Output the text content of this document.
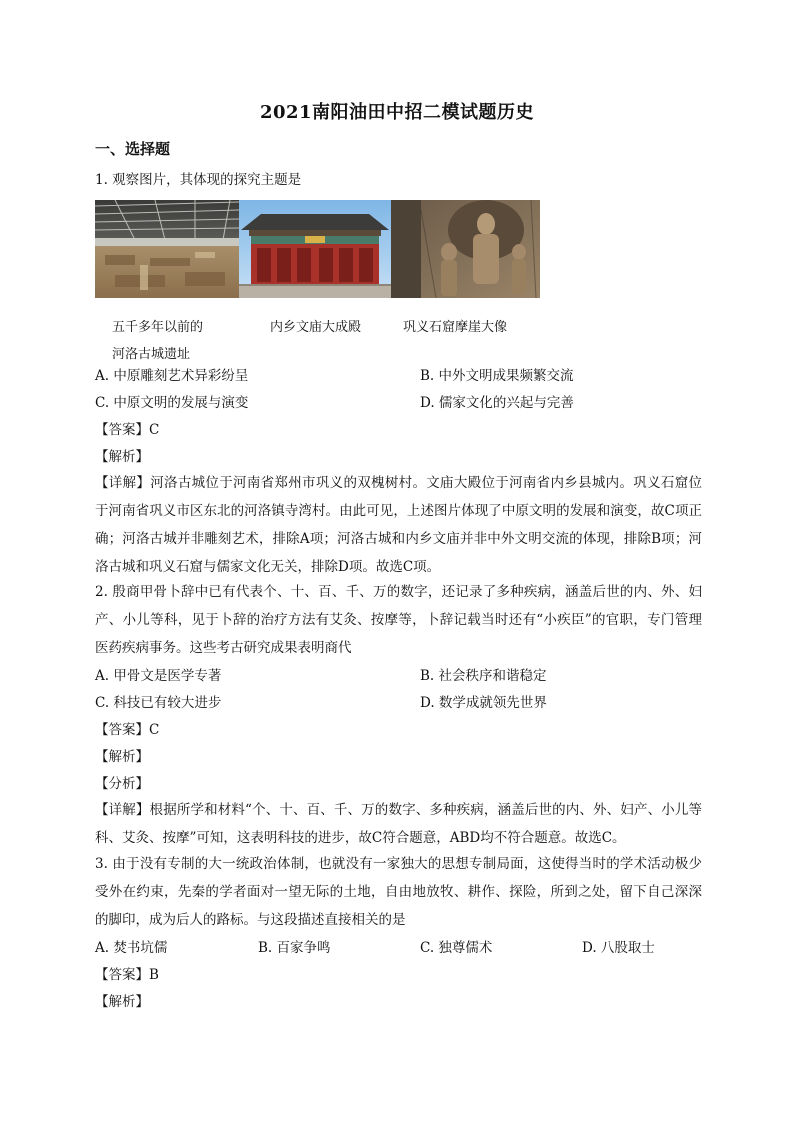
2021南阳油田中招二模试题历史
一、选择题
1. 观察图片，其体现的探究主题是
五千多年以前的
河洛古城遗址
内乡文庙大成殿	巩义石窟摩崖大像
A. 中原雕刻艺术异彩纷呈	B. 中外文明成果频繁交流
C. 中原文明的发展与演变	D. 儒家文化的兴起与完善
【答案】C
【解析】
【详解】河洛古城位于河南省郑州市巩义的双槐树村。文庙大殿位于河南省内乡县城内。巩义石窟位于河南省巩义市区东北的河洛镇寺湾村。由此可见，上述图片体现了中原文明的发展和演变，故C项正确；河洛古城并非雕刻艺术，排除A项；河洛古城和内乡文庙并非中外文明交流的体现，排除B项；河洛古城和巩义石窟与儒家文化无关，排除D项。故选C项。
2. 殷商甲骨卜辞中已有代表个、十、百、千、万的数字，还记录了多种疾病，涵盖后世的内、外、妇产、小儿等科，见于卜辞的治疗方法有艾灸、按摩等，卜辞记载当时还有“小疾臣”的官职，专门管理医药疾病事务。这些考古研究成果表明商代
A. 甲骨文是医学专著	B. 社会秩序和谐稳定
C. 科技已有较大进步	D. 数学成就领先世界
【答案】C
【解析】
【分析】
【详解】根据所学和材料“个、十、百、千、万的数字、多种疾病，涵盖后世的内、外、妇产、小儿等科、艾灸、按摩”可知，这表明科技的进步，故C符合题意，ABD均不符合题意。故选C。
3. 由于没有专制的大一统政治体制，也就没有一家独大的思想专制局面，这使得当时的学术活动极少受外在约束，先秦的学者面对一望无际的土地，自由地放牧、耕作、探险，所到之处，留下自己深深的脚印，成为后人的路标。与这段描述直接相关的是
A. 焚书坑儒	B. 百家争鸣	C. 独尊儒术	D. 八股取士
【答案】B
【解析】
